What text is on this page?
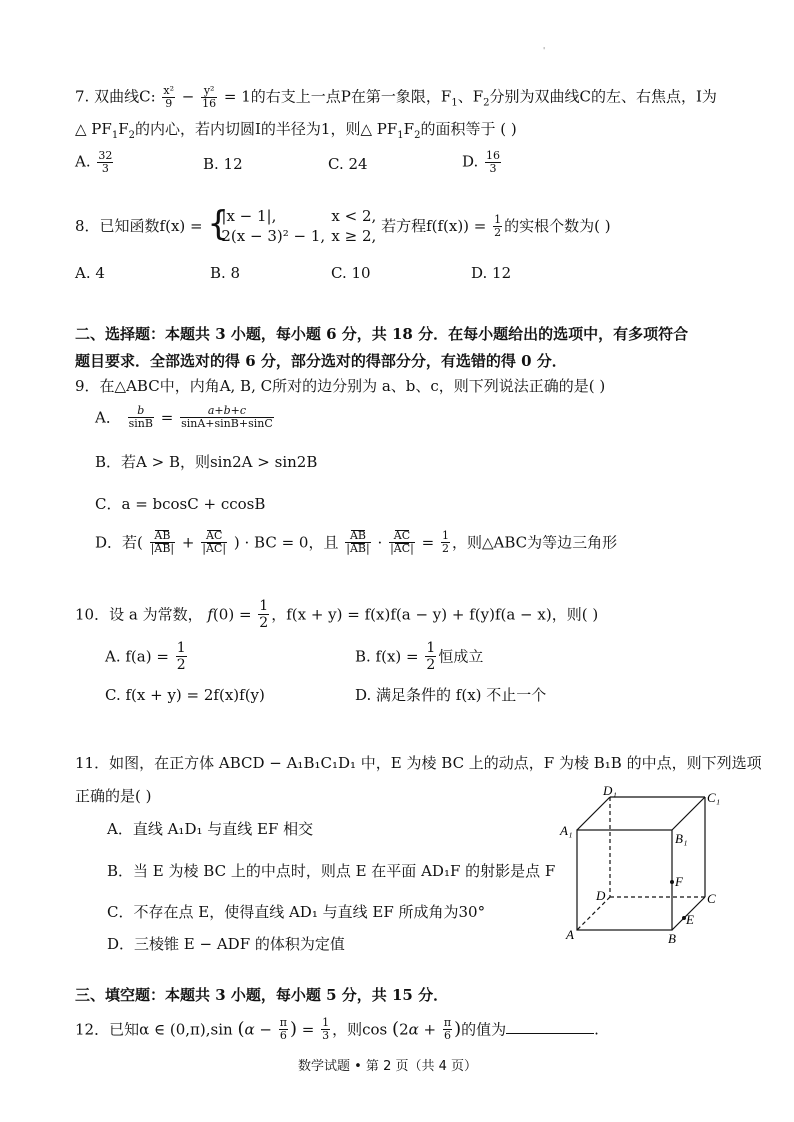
'
7. 双曲线C: $\frac{\text{x²}}{9} - \frac{\text{y²}}{16} = 1$的右支上一点P在第一象限，$F_1$、$F_2$分别为双曲线C的左、右焦点，I为
△ $PF_1F_2$的内心，若内切圆I的半径为1，则△ $PF_1F_2$的面积等于 ( )
A. $\frac{32}{3}$	B. 12	C. 24	D. $\frac{16}{3}$
8．已知函数f(x) = {
|x − 1|,	x < 2,
2(x − 3)² − 1, x ≥ 2,
若方程$f(f(x)) = \frac{1}{2}$ 的实根个数为( )
A. 4	B. 8	C. 10	D. 12
二、选择题：本题共 3 小题，每小题 6 分，共 18 分．在每小题给出的选项中，有多项符合
题目要求．全部选对的得 6 分，部分选对的得部分分，有选错的得 0 分．
9．在△ABC中，内角A, B, C所对的边分别为 a、b、c，则下列说法正确的是( )
A． $\frac{b}{\sin B} = \frac{a+b+c}{\sin A+\sin B+\sin C}$
B．若A > B，则sin2A > sin2B
C．a = bcosC + ccosB
D．若( $\frac{AB}{|AB|} + \frac{AC}{|AC|}$ ) · BC = 0，且 $\frac{AB}{|AB|} \cdot \frac{AC}{|AC|} = \frac{1}{2}$ ，则△ABC为等边三角形
10．设 a 为常数， $f(0) = \frac{1}{2}$ ，f(x + y) = f(x)f(a − y) + f(y)f(a − x)，则( )
A. $f(a) = \frac{1}{2}$	B. $f(x) = \frac{1}{2}$ 恒成立
C. f(x + y) = 2f(x)f(y)	D. 满足条件的 f(x) 不止一个
11．如图，在正方体 ABCD − A₁B₁C₁D₁ 中，E 为棱 BC 上的动点，F 为棱 B₁B 的中点，则下列选项
正确的是( )
A．直线 A₁D₁ 与直线 EF 相交
B．当 E 为棱 BC 上的中点时，则点 E 在平面 AD₁F 的射影是点 F
C．不存在点 E，使得直线 AD₁ 与直线 EF 所成角为30°
D．三棱锥 E − ADF 的体积为定值
D₁	C₁
A₁
B₁
F
D	C
E
A	B
三、填空题：本题共 3 小题，每小题 5 分，共 15 分．
12．已知α ∈ (0,π),sin ($\alpha - \frac{\pi}{6}$ ) = $\frac{1}{3}$ ，则$\cos (2\alpha + \frac{\pi}{6}$ )的值为	.
数学试题 • 第 2 页（共 4 页）
